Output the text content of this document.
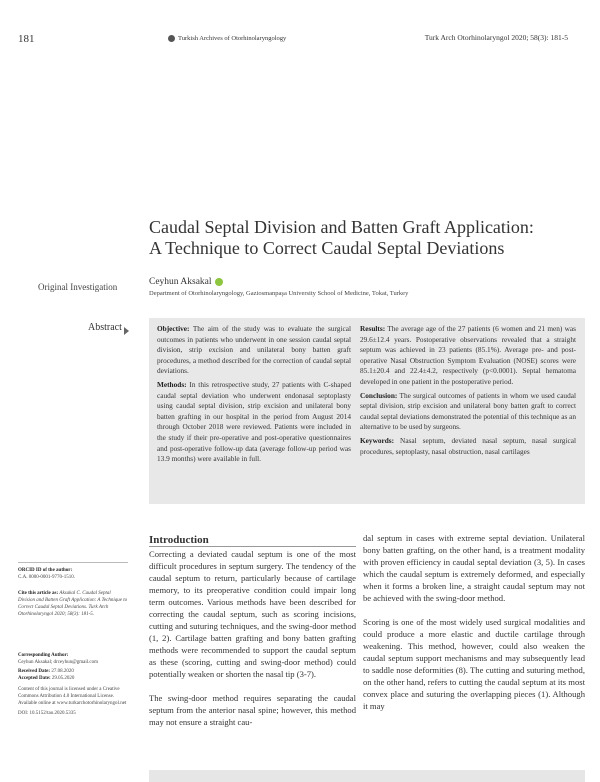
181	Turkish Archives of Otorhinolaryngology	Turk Arch Otorhinolaryngol 2020; 58(3): 181-5
Caudal Septal Division and Batten Graft Application:
A Technique to Correct Caudal Septal Deviations
Original Investigation	Ceyhun Aksakal
Department of Otorhinolaryngology, Gaziosmanpaşa University School of Medicine, Tokat, Turkey
Abstract	Objective: The aim of the study was to evaluate the surgical outcomes in patients who underwent in one session caudal septal division, strip excision and unilateral bony batten graft procedures, a method described for the correction of caudal septal deviations.

Methods: In this retrospective study, 27 patients with C-shaped caudal septal deviation who underwent endonasal septoplasty using caudal septal division, strip excision and unilateral bony batten grafting in our hospital in the period from August 2014 through October 2018 were reviewed. Patients were included in the study if their pre-operative and post-operative questionnaires and post-operative follow-up data (average follow-up period was 13.9 months) were available in full.

Results: The average age of the 27 patients (6 women and 21 men) was 29.6±12.4 years. Postoperative observations revealed that a straight septum was achieved in 23 patients (85.1%). Average pre- and post-operative Nasal Obstruction Symptom Evaluation (NOSE) scores were 85.1±20.4 and 22.4±4.2, respectively (p<0.0001). Septal hematoma developed in one patient in the postoperative period.

Conclusion: The surgical outcomes of patients in whom we used caudal septal division, strip excision and unilateral bony batten graft to correct caudal septal deviations demonstrated the potential of this technique as an alternative to be used by surgeons.

Keywords: Nasal septum, deviated nasal septum, nasal surgical procedures, septoplasty, nasal obstruction, nasal cartilages

Introduction

Correcting a deviated caudal septum is one of the most difficult procedures in septum surgery. The tendency of the caudal septum to return, particularly because of cartilage memory, to its preoperative condition could impair long term outcomes. Various methods have been described for correcting the caudal septum, such as scoring incisions, cutting and suturing techniques, and the swing-door method (1, 2). Cartilage batten grafting and bony batten grafting methods were recommended to support the caudal septum as these (scoring, cutting and swing-door method) could potentially weaken or shorten the nasal tip (3-7).

The swing-door method requires separating the caudal septum from the anterior nasal spine; however, this method may not ensure a straight cau-

dal septum in cases with extreme septal deviation. Unilateral bony batten grafting, on the other hand, is a treatment modality with proven efficiency in caudal septal deviation (3, 5). In cases which the caudal septum is extremely deformed, and especially when it forms a broken line, a straight caudal septum may not be achieved with the swing-door method.

Scoring is one of the most widely used surgical modalities and could produce a more elastic and ductile cartilage through weakening. This method, however, could also weaken the caudal septum support mechanisms and may subsequently lead to saddle nose deformities (8). The cutting and suturing method, on the other hand, refers to cutting the caudal septum at its most convex place and suturing the overlapping pieces (1). Although it may

ORCID ID of the author:
C.A. 0000-0001-9770-1510.
Cite this article as: Aksakal C. Caudal Septal Division and Batten Graft Application: A Technique to Correct Caudal Septal Deviations. Turk Arch Otorhinolaryngol 2020; 58(3): 181-5.
Corresponding Author:
Ceyhun Aksakal; drceyhun@gmail.com
Received Date: 27.08.2020
Accepted Date: 29.05.2020
Content of this journal is licensed under a Creative Commons Attribution 4.0 International License. Available online at www.turkarchotorhinolaryngol.net
DOI: 10.5152/tao.2020.5335
